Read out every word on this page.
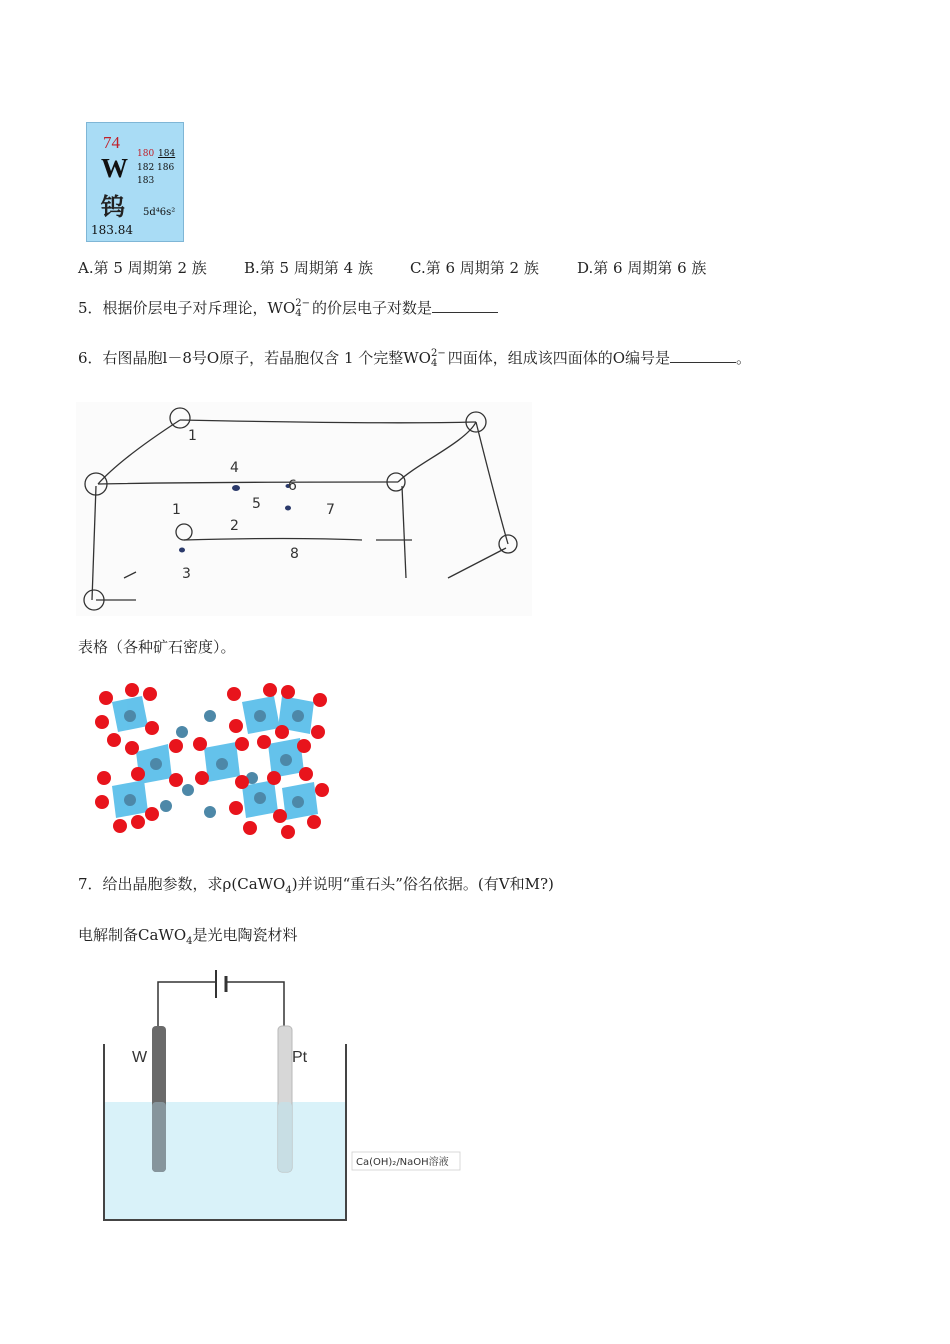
74
W 180 184
182 186
183
钨 5d⁴6s²
183.84
A.第 5 周期第 2 族 B.第 5 周期第 4 族 C.第 6 周期第 2 族	D.第 6 周期第 6 族
5．根据价层电子对斥理论，WO 2−
4 的价层电子对数是
6．右图晶胞l－8号O原子，若晶胞仅含 1 个完整WO 2−
4 四面体，组成该四面体的O编号是	。
1
4
5
6
7
1
2
8
3
表格（各种矿石密度）。
7．给出晶胞参数，求ρ(CaWO$_4$)并说明“重石头”俗名依据。(有V和M?)
电解制备CaWO$_4$是光电陶瓷材料
W	Pt
Ca(OH)₂/NaOH溶液
